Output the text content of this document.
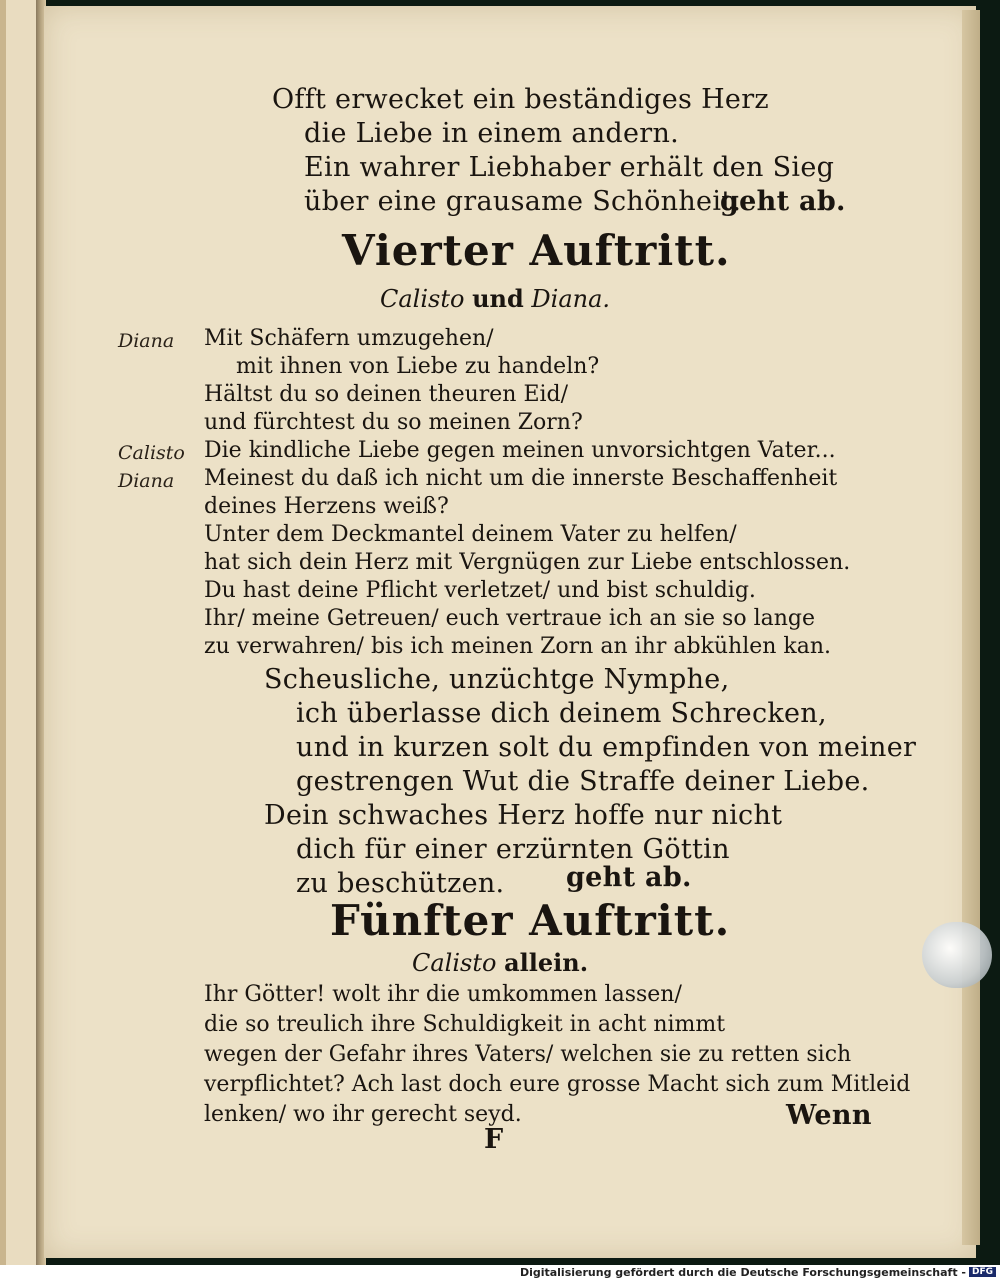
Offt erwecket ein beständiges Herz
die Liebe in einem andern.
Ein wahrer Liebhaber erhält den Sieg
über eine grausame Schönheit.
geht ab.
Vierter Auftritt.
Calisto und Diana.
Diana Mit Schäfern umzugehen/
mit ihnen von Liebe zu handeln?
Hältst du so deinen theuren Eid/
und fürchtest du so meinen Zorn?
Calisto Die kindliche Liebe gegen meinen unvorsichtgen Vater...
Diana Meinest du daß ich nicht um die innerste Beschaffenheit
deines Herzens weiß?
Unter dem Deckmantel deinem Vater zu helfen/
hat sich dein Herz mit Vergnügen zur Liebe entschlossen.
Du hast deine Pflicht verletzet/ und bist schuldig.
Ihr/ meine Getreuen/ euch vertraue ich an sie so lange
zu verwahren/ bis ich meinen Zorn an ihr abkühlen kan.
Scheusliche, unzüchtge Nymphe,
ich überlasse dich deinem Schrecken,
und in kurzen solt du empfinden von meiner
gestrengen Wut die Straffe deiner Liebe.
Dein schwaches Herz hoffe nur nicht
dich für einer erzürnten Göttin
zu beschützen. geht ab.
Fünfter Auftritt.
Calisto allein.
Ihr Götter! wolt ihr die umkommen lassen/
die so treulich ihre Schuldigkeit in acht nimmt
wegen der Gefahr ihres Vaters/ welchen sie zu retten sich
verpflichtet? Ach last doch eure grosse Macht sich zum Mitleid
lenken/ wo ihr gerecht seyd.
F
Wenn
Digitalisierung gefördert durch die Deutsche Forschungsgemeinschaft - DFG
